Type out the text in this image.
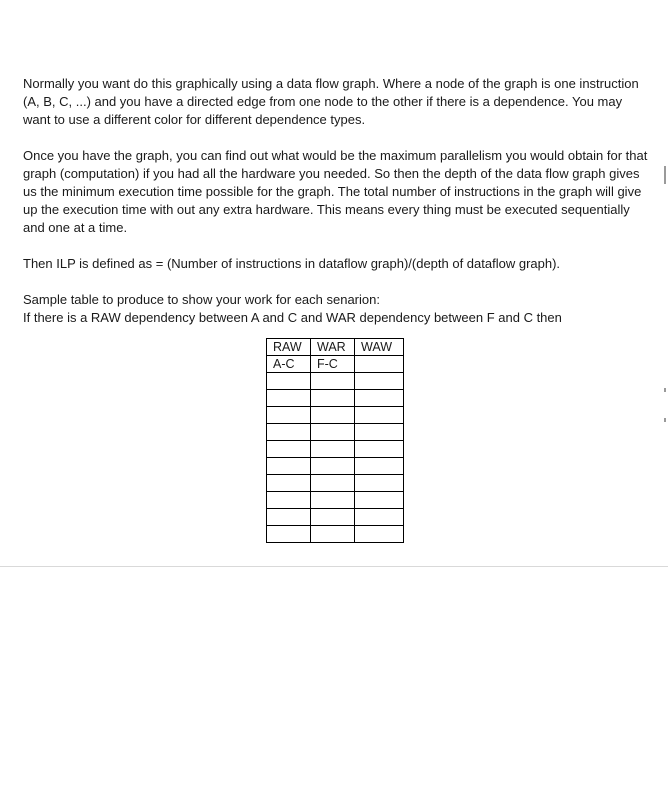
Normally you want do this graphically using a data flow graph. Where a node of the graph is one instruction (A, B, C, ...) and you have a directed edge from one node to the other if there is a dependence. You may want to use a different color for different dependence types.

Once you have the graph, you can find out what would be the maximum parallelism you would obtain for that graph (computation) if you had all the hardware you needed. So then the depth of the data flow graph gives us the minimum execution time possible for the graph. The total number of instructions in the graph will give up the execution time with out any extra hardware. This means every thing must be executed sequentially and one at a time.

Then ILP is defined as = (Number of instructions in dataflow graph)/(depth of dataflow graph).

Sample table to produce to show your work for each senarion:

If there is a RAW dependency between A and C and WAR dependency between F and C then

RAW	WAR	WAW
A-C	F-C	
